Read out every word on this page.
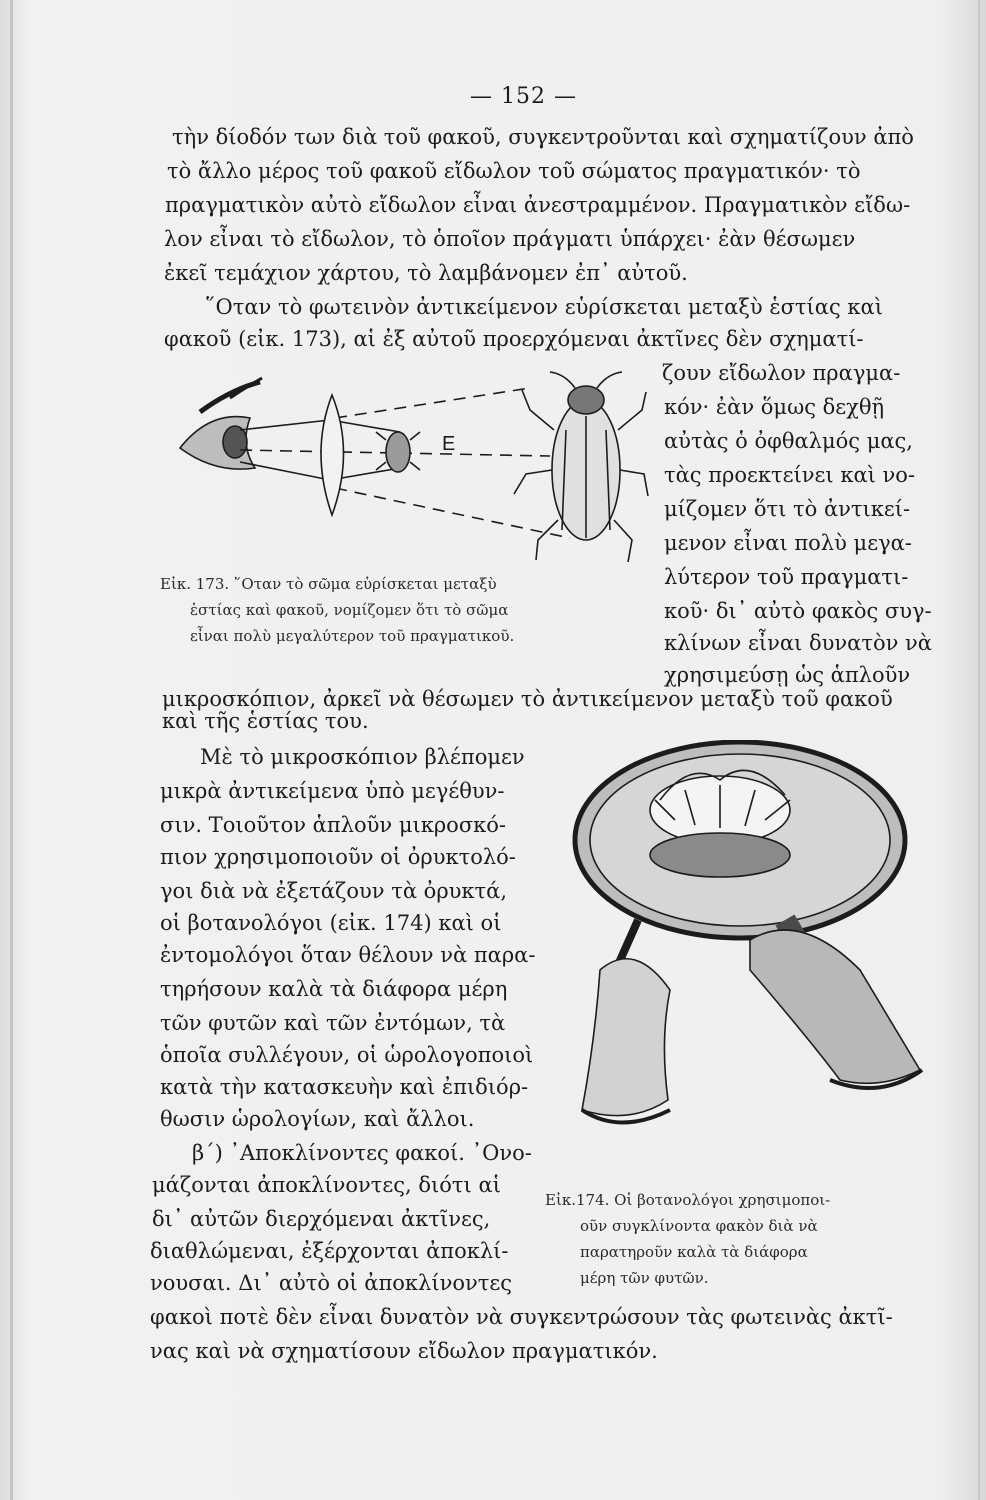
— 152 —
τὴν δίοδόν των διὰ τοῦ φακοῦ, συγκεντροῦνται καὶ σχηματίζουν ἀπὸ
τὸ ἄλλο μέρος τοῦ φακοῦ εἴδωλον τοῦ σώματος πραγματικόν· τὸ
πραγματικὸν αὐτὸ εἴδωλον εἶναι ἀνεστραμμένον. Πραγματικὸν εἴδω-
λον εἶναι τὸ εἴδωλον, τὸ ὁποῖον πράγματι ὑπάρχει· ἐὰν θέσωμεν
ἐκεῖ τεμάχιον χάρτου, τὸ λαμβάνομεν ἐπ᾽ αὐτοῦ.
῞Οταν τὸ φωτεινὸν ἀντικείμενον εὑρίσκεται μεταξὺ ἑστίας καὶ
φακοῦ (εἰκ. 173), αἱ ἐξ αὐτοῦ προερχόμεναι ἀκτῖνες δὲν σχηματί-
ζουν εἴδωλον πραγμα-
κόν· ἐὰν ὅμως δεχθῇ
αὐτὰς ὁ ὀφθαλμός μας,
τὰς προεκτείνει καὶ νο-
μίζομεν ὅτι τὸ ἀντικεί-
μενον εἶναι πολὺ μεγα-
λύτερον τοῦ πραγματι-
κοῦ· δι᾽ αὐτὸ φακὸς συγ-
κλίνων εἶναι δυνατὸν νὰ
χρησιμεύσῃ ὡς ἁπλοῦν
E
Εἰκ. 173. ῞Οταν τὸ σῶμα εὑρίσκεται μεταξὺ
ἑστίας καὶ φακοῦ, νομίζομεν ὅτι τὸ σῶμα
εἶναι πολὺ μεγαλύτερον τοῦ πραγματικοῦ.
μικροσκόπιον, ἀρκεῖ νὰ θέσωμεν τὸ ἀντικείμενον μεταξὺ τοῦ φακοῦ
καὶ τῆς ἑστίας του.
Μὲ τὸ μικροσκόπιον βλέπομεν
μικρὰ ἀντικείμενα ὑπὸ μεγέθυν-
σιν. Τοιοῦτον ἁπλοῦν μικροσκό-
πιον χρησιμοποιοῦν οἱ ὀρυκτολό-
γοι διὰ νὰ ἐξετάζουν τὰ ὀρυκτά,
οἱ βοτανολόγοι (εἰκ. 174) καὶ οἱ
ἐντομολόγοι ὅταν θέλουν νὰ παρα-
τηρήσουν καλὰ τὰ διάφορα μέρη
τῶν φυτῶν καὶ τῶν ἐντόμων, τὰ
ὁποῖα συλλέγουν, οἱ ὡρολογοποιοὶ
κατὰ τὴν κατασκευὴν καὶ ἐπιδιόρ-
θωσιν ὡρολογίων, καὶ ἄλλοι.
Εἰκ.174. Οἱ βοτανολόγοι χρησιμοποι-
οῦν συγκλίνοντα φακὸν διὰ νὰ
παρατηροῦν καλὰ τὰ διάφορα
μέρη τῶν φυτῶν.
β΄) ᾿Αποκλίνοντες φακοί. ᾿Ονο-
μάζονται ἀποκλίνοντες, διότι αἱ
δι᾽ αὐτῶν διερχόμεναι ἀκτῖνες,
διαθλώμεναι, ἐξέρχονται ἀποκλί-
νουσαι. Δι᾽ αὐτὸ οἱ ἀποκλίνοντες
φακοὶ ποτὲ δὲν εἶναι δυνατὸν νὰ συγκεντρώσουν τὰς φωτεινὰς ἀκτῖ-
νας καὶ νὰ σχηματίσουν εἴδωλον πραγματικόν.
